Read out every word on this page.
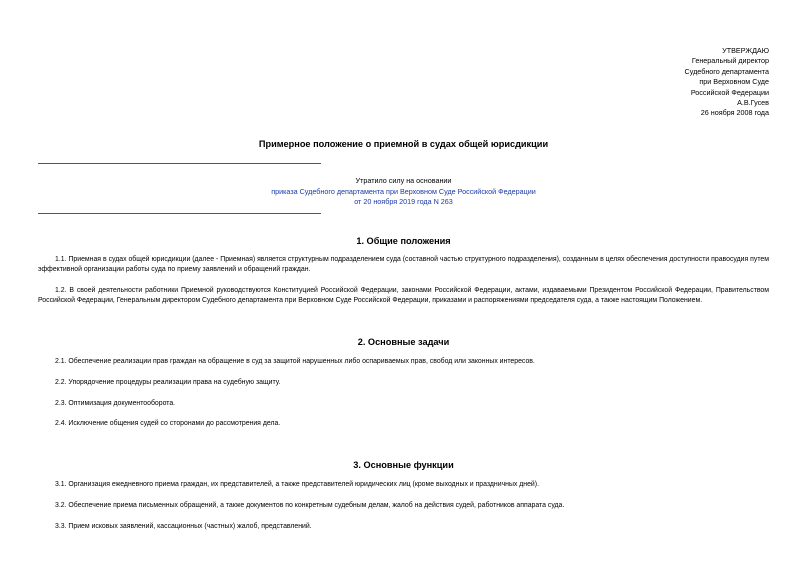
УТВЕРЖДАЮ
Генеральный директор
Судебного департамента
при Верховном Суде
Российской Федерации
А.В.Гусев
26 ноября 2008 года
Примерное положение о приемной в судах общей юрисдикции
Утратило силу на основании
приказа Судебного департамента при Верховном Суде Российской Федерации
от 20 ноября 2019 года N 263
1. Общие положения
1.1. Приемная в судах общей юрисдикции (далее - Приемная) является структурным подразделением суда (составной частью структурного подразделения), созданным в целях обеспечения доступности правосудия путем эффективной организации работы суда по приему заявлений и обращений граждан.
1.2. В своей деятельности работники Приемной руководствуются Конституцией Российской Федерации, законами Российской Федерации, актами, издаваемыми Президентом Российской Федерации, Правительством Российской Федерации, Генеральным директором Судебного департамента при Верховном Суде Российской Федерации, приказами и распоряжениями председателя суда, а также настоящим Положением.
2. Основные задачи
2.1. Обеспечение реализации прав граждан на обращение в суд за защитой нарушенных либо оспариваемых прав, свобод или законных интересов.
2.2. Упорядочение процедуры реализации права на судебную защиту.
2.3. Оптимизация документооборота.
2.4. Исключение общения судей со сторонами до рассмотрения дела.
3. Основные функции
3.1. Организация ежедневного приема граждан, их представителей, а также представителей юридических лиц (кроме выходных и праздничных дней).
3.2. Обеспечение приема письменных обращений, а также документов по конкретным судебным делам, жалоб на действия судей, работников аппарата суда.
3.3. Прием исковых заявлений, кассационных (частных) жалоб, представлений.
